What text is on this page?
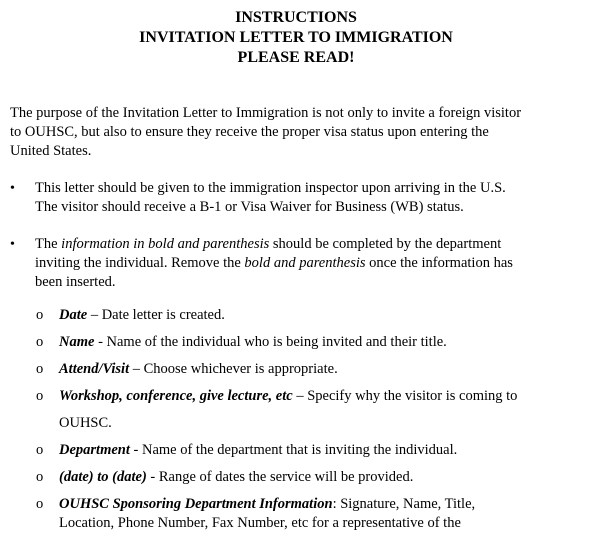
INSTRUCTIONS
INVITATION LETTER TO IMMIGRATION
PLEASE READ!
The purpose of the Invitation Letter to Immigration is not only to invite a foreign visitor
to OUHSC, but also to ensure they receive the proper visa status upon entering the
United States.
• This letter should be given to the immigration inspector upon arriving in the U.S.
The visitor should receive a B-1 or Visa Waiver for Business (WB) status.
• The information in bold and parenthesis should be completed by the department
inviting the individual. Remove the bold and parenthesis once the information has
been inserted.
o Date – Date letter is created.
o Name - Name of the individual who is being invited and their title.
o Attend/Visit – Choose whichever is appropriate.
o Workshop, conference, give lecture, etc – Specify why the visitor is coming to
OUHSC.
o Department - Name of the department that is inviting the individual.
o (date) to (date) - Range of dates the service will be provided.
o OUHSC Sponsoring Department Information: Signature, Name, Title,
Location, Phone Number, Fax Number, etc for a representative of the
